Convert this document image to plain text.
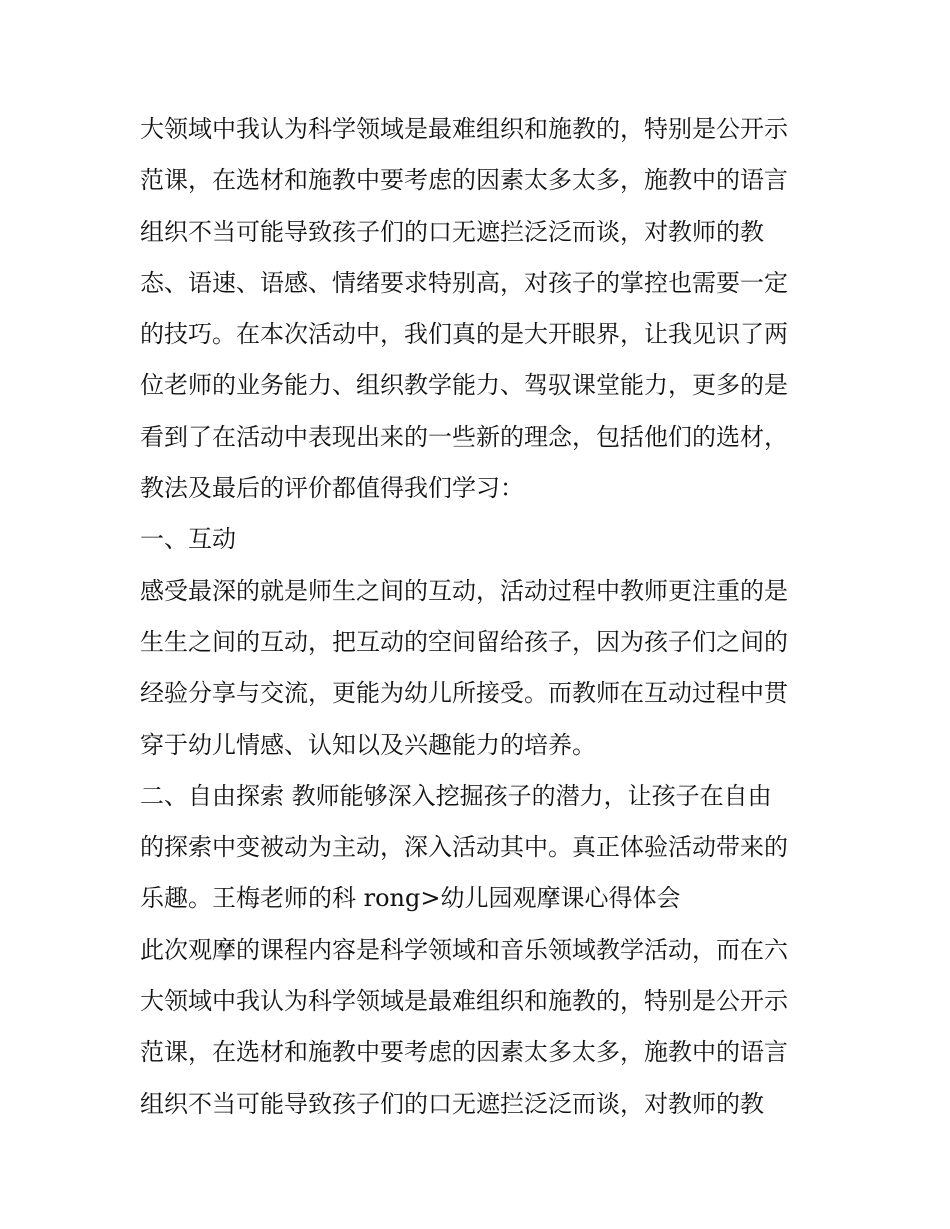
大领域中我认为科学领域是最难组织和施教的，特别是公开示
范课，在选材和施教中要考虑的因素太多太多，施教中的语言
组织不当可能导致孩子们的口无遮拦泛泛而谈，对教师的教
态、语速、语感、情绪要求特别高，对孩子的掌控也需要一定
的技巧。在本次活动中，我们真的是大开眼界，让我见识了两
位老师的业务能力、组织教学能力、驾驭课堂能力，更多的是
看到了在活动中表现出来的一些新的理念，包括他们的选材，
教法及最后的评价都值得我们学习：
一、互动
感受最深的就是师生之间的互动，活动过程中教师更注重的是
生生之间的互动，把互动的空间留给孩子，因为孩子们之间的
经验分享与交流，更能为幼儿所接受。而教师在互动过程中贯
穿于幼儿情感、认知以及兴趣能力的培养。
二、自由探索 教师能够深入挖掘孩子的潜力，让孩子在自由
的探索中变被动为主动，深入活动其中。真正体验活动带来的
乐趣。王梅老师的科 rong>幼儿园观摩课心得体会
此次观摩的课程内容是科学领域和音乐领域教学活动，而在六
大领域中我认为科学领域是最难组织和施教的，特别是公开示
范课，在选材和施教中要考虑的因素太多太多，施教中的语言
组织不当可能导致孩子们的口无遮拦泛泛而谈，对教师的教
